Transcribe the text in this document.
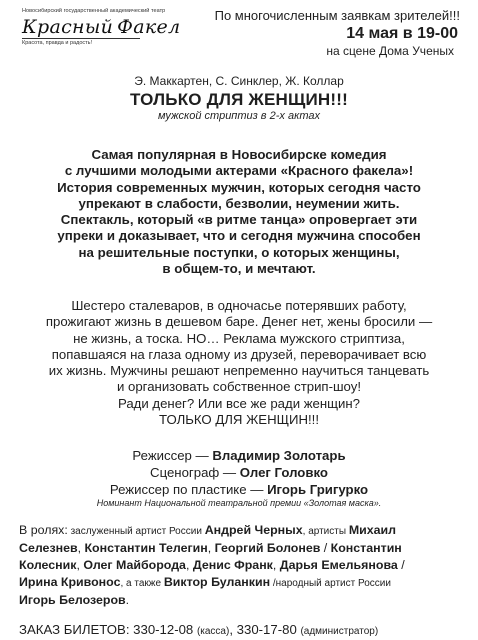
Новосибирский государственный академический театр
Красный Факел
Красота, правда и радость!
По многочисленным заявкам зрителей!!!
14 мая в 19-00
на сцене Дома Ученых
Э. Маккартен, С. Синклер, Ж. Коллар
ТОЛЬКО ДЛЯ ЖЕНЩИН!!!
мужской стриптиз в 2-х актах
Самая популярная в Новосибирске комедия
с лучшими молодыми актерами «Красного факела»!
История современных мужчин, которых сегодня часто
упрекают в слабости, безволии, неумении жить.
Спектакль, который «в ритме танца» опровергает эти
упреки и доказывает, что и сегодня мужчина способен
на решительные поступки, о которых женщины,
в общем-то, и мечтают.
Шестеро сталеваров, в одночасье потерявших работу,
прожигают жизнь в дешевом баре. Денег нет, жены бросили —
не жизнь, а тоска. НО… Реклама мужского стриптиза,
попавшаяся на глаза одному из друзей, переворачивает всю
их жизнь. Мужчины решают непременно научиться танцевать
и организовать собственное стрип-шоу!
Ради денег? Или все же ради женщин?
ТОЛЬКО ДЛЯ ЖЕНЩИН!!!
Режиссер — Владимир Золотарь
Сценограф — Олег Головко
Режиссер по пластике — Игорь Григурко
Номинант Национальной театральной премии «Золотая маска».
В ролях: заслуженный артист России Андрей Черных, артисты Михаил
Селезнев, Константин Телегин, Георгий Болонев / Константин
Колесник, Олег Майборода, Денис Франк, Дарья Емельянова /
Ирина Кривонос, а также Виктор Буланкин /народный артист России
Игорь Белозеров.
ЗАКАЗ БИЛЕТОВ: 330-12-08 (касса), 330-17-80 (администратор)
